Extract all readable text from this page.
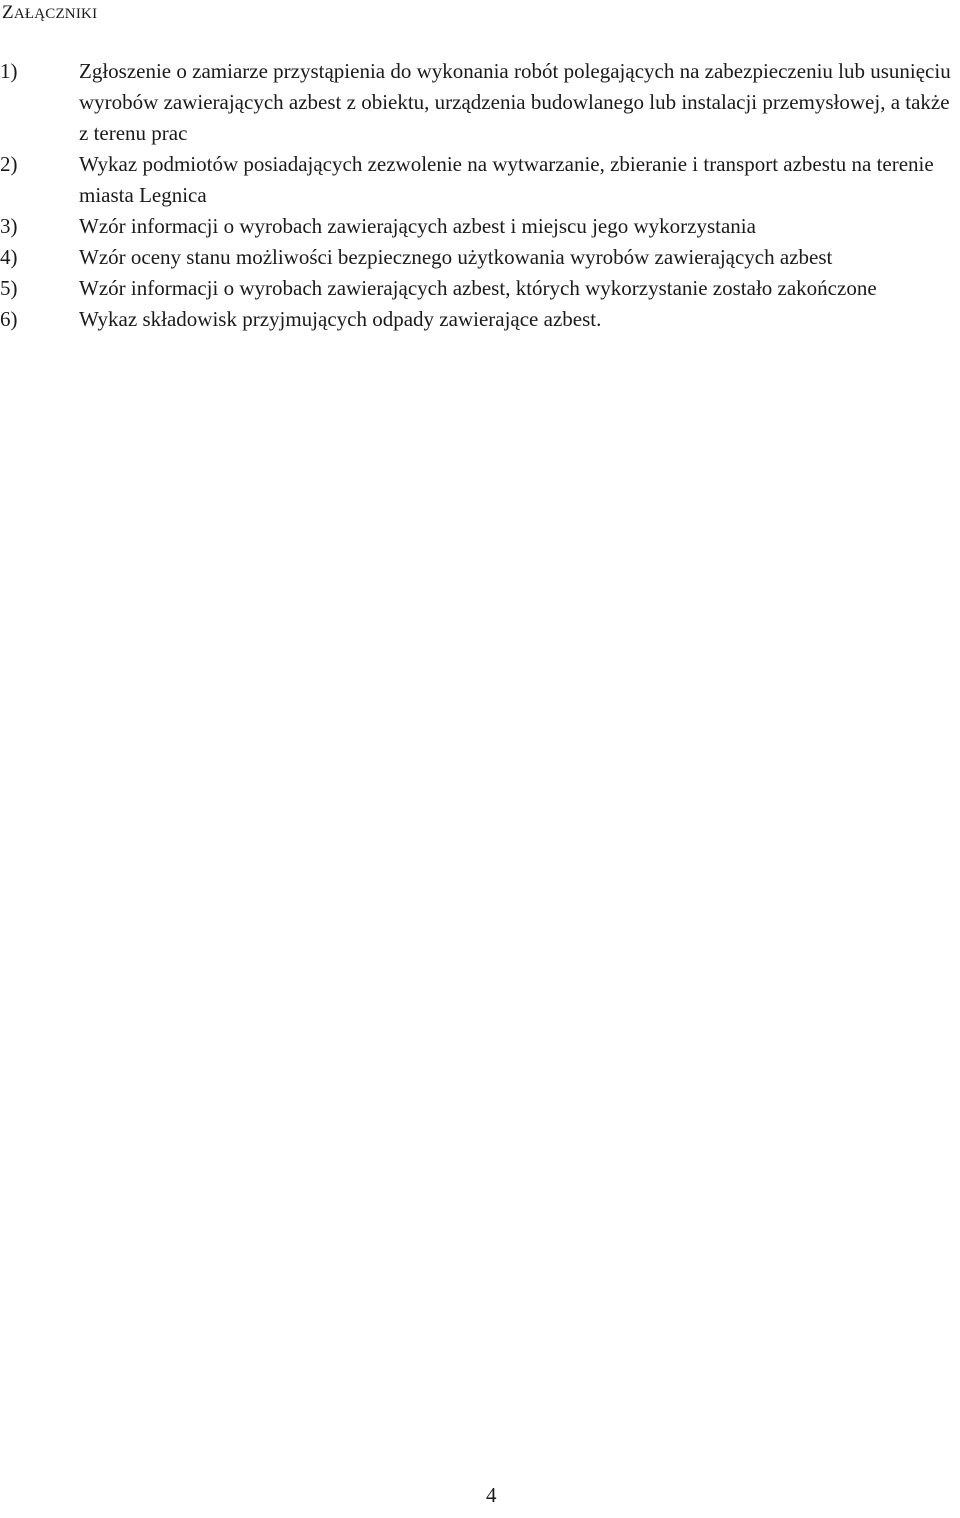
ZAŁĄCZNIKI
1)	Zgłoszenie o zamiarze przystąpienia do wykonania robót polegających na zabezpieczeniu lub usunięciu wyrobów zawierających azbest z obiektu, urządzenia budowlanego lub instalacji przemysłowej, a także z terenu prac
2)	Wykaz podmiotów posiadających zezwolenie na wytwarzanie, zbieranie i transport azbestu na terenie miasta Legnica
3)	Wzór informacji o wyrobach zawierających azbest i miejscu jego wykorzystania
4)	Wzór oceny stanu możliwości bezpiecznego użytkowania wyrobów zawierających azbest
5)	Wzór informacji o wyrobach zawierających azbest, których wykorzystanie zostało zakończone
6)	Wykaz składowisk przyjmujących odpady zawierające azbest.
4
